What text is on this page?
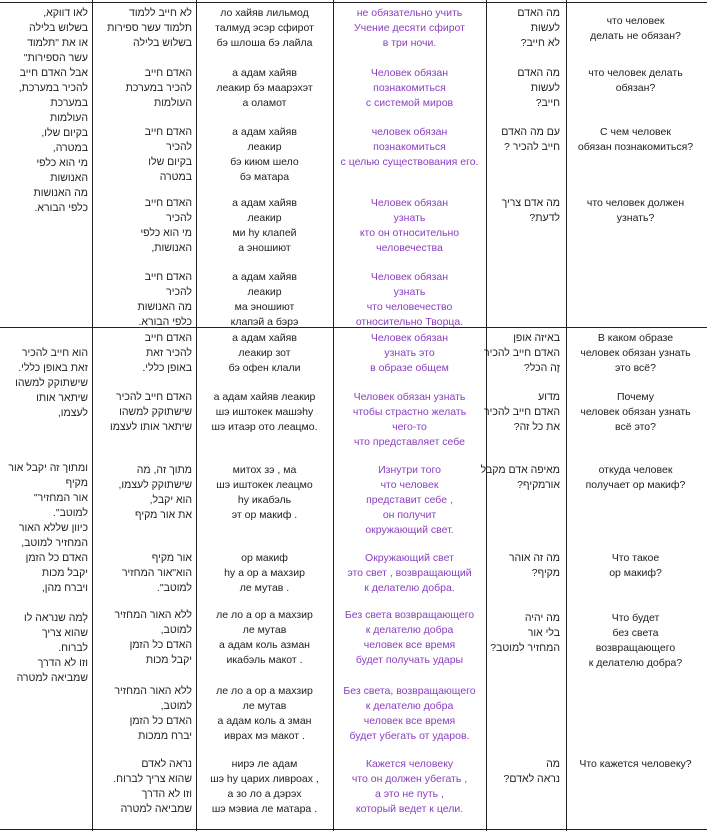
לאו דווקא,
בשלוש בלילה
או את "תלמוד
עשר הספירות"
אבל האדם חייב
להכיר במערכת,
במערכת
העולמות
בקיום שלו,
במטרה,
מי הוא כלפי
האנושות
מה האנושות
כלפי הבורא.
לא חייב ללמוד
תלמוד עשר ספירות
בשלוש בלילה
האדם חייב
להכיר במערכת
העולמות
האדם חייב
להכיר
בקיום שלו
במטרה
האדם חייב
להכיר
מי הוא כלפי
האנושות,
האדם חייב
להכיר
מה האנושות
כלפי הבורא.
ло хайяв лильмод
талмуд эсэр сфирот
бэ шлоша бэ лайла
а адам хайяв
леакир бэ маарэхэт
а оламот
а адам хайяв
леакир
бэ киюм шело
бэ матара
а адам хайяв
леакир
ми hу клапей
а эношиют
а адам хайяв
леакир
ма эношиют
клапэй а бэрэ
не обязательно учить
Учение десяти сфирот
в три ночи.
Человек обязан
познакомиться
с системой миров
человек обязан
познакомиться
с целью существования его.
Человек обязан
узнать
кто он относительно
человечества
Человек обязан
узнать
что человечество
относительно Творца.
מה האדם
לעשות
לא חייב?
מה האדם
לעשות
חייב?
עם מה האדם
חייב להכיר ?
מה אדם צריך
לדעת?
что человек
делать не обязан?
что человек делать
обязан?
С чем человек
обязан познакомиться?
что человек должен
узнать?
הוא חייב להכיר
זאת באופן כללי.
שישתוקק למשהו
שיתאר אותו
לעצמו,
ומתוך זה יקבל אור
מקיף
אור המחזיר"
למוטב".
כיוון שללא האור
המחזיר למוטב,
האדם כל הזמן
יקבל מכות
ויברח מהן,
לְמה שנראה לו
שהוא צריך
לברוח.
וזו לא הדרך
שמביאה למטרה
האדם חייב
להכיר זאת
באופן כללי.
האדם חייב להכיר
שישתוקק למשהו
שיתאר אותו לעצמו
מתוך זה, מה
שישתוקק לעצמו,
הוא יקבל,
את אור מקיף
אור מקיף
הוא"אור המחזיר
למוטב".
ללא האור המחזיר
למוטב,
האדם כל הזמן
יקבל מכות
ללא האור המחזיר
למוטב,
האדם כל הזמן
יברח ממכות
נראה לאדם
שהוא צריך לברוח.
וזו לא הדרך
שמביאה למטרה
а адам хайяв
леакир зот
бэ офен клали
а адам хайяв леакир
шэ иштокек машэhу
шэ итаэр ото леацмо.
митох зэ , ма
шэ иштокек леацмо
hу икабэль
эт ор макиф .
ор макиф
hу а ор а махзир
ле мутав .
ле ло а ор а махзир
ле мутав
а адам коль азман
икабэль макот .
ле ло а ор а махзир
ле мутав
а адам коль а зман
иврах мэ макот .
нирэ ле адам
шэ hу царих ливроах ,
а зо ло а дэрэх
шэ мэвиа ле матара .
Человек обязан
узнать это
в образе общем
Человек обязан узнать
чтобы страстно желать
чего-то
что представляет себе
Изнутри того
что человек
представит себе ,
он получит
окружающий свет.
Окружающий свет
это свет , возвращающий
к делателю добра.
Без света возвращающего
к делателю добра
человек все время
будет получать удары
Без света, возвращающего
к делателю добра
человек все время
будет убегать от ударов.
Кажется человеку
что он должен убегать ,
а это не путь ,
который ведет к цели.
באיזה אופן
האדם חייב להכיר
זֶה הכל?
מדוע
האדם חייב להכיר
את כל זה?
מאיפה אדם מקבל
אורמקיף?
מה זה אוהר
מקיף?
מה יהיה
בלי אור
המחזיר למוטב?
מה
נראה לאדם?
В каком образе
человек обязан узнать
это всё?
Почему
человек обязан узнать
всё это?
откуда человек
получает ор макиф?
Что такое
ор макиф?
Что будет
без света
возвращающего
к делателю добра?
Что кажется человеку?
